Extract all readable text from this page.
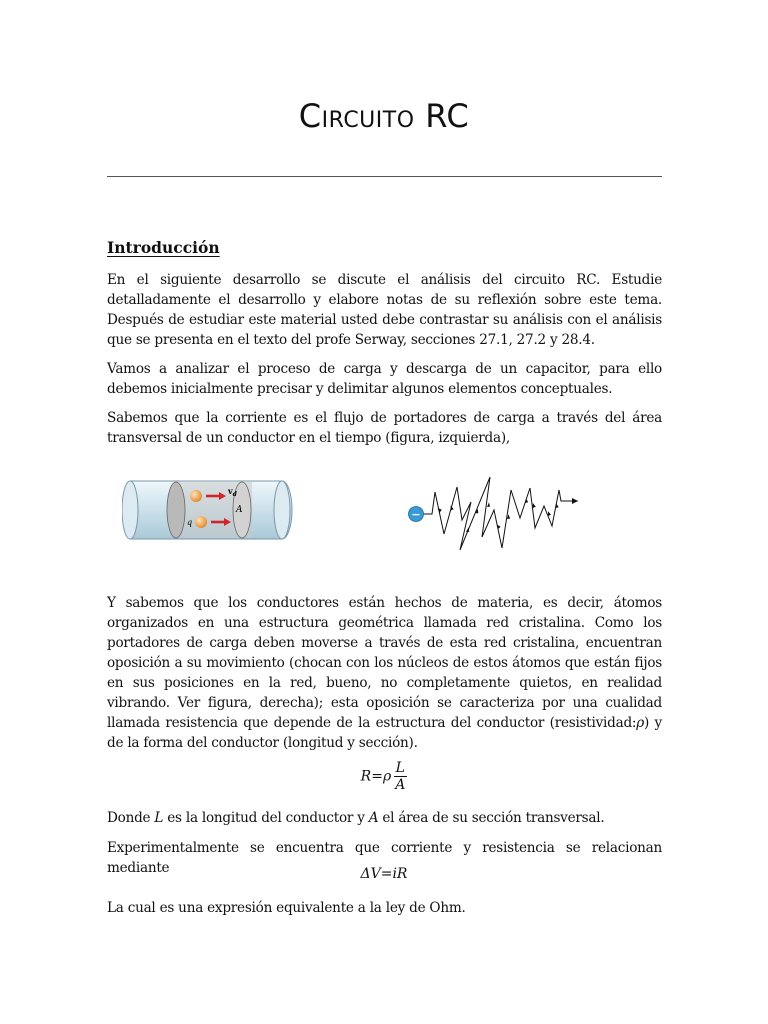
Circuito RC
Introducción

En el siguiente desarrollo se discute el análisis del circuito RC. Estudie detalladamente el desarrollo y elabore notas de su reflexión sobre este tema. Después de estudiar este material usted debe contrastar su análisis con el análisis que se presenta en el texto del profe Serway, secciones 27.1, 27.2 y 28.4.

Vamos a analizar el proceso de carga y descarga de un capacitor, para ello debemos inicialmente precisar y delimitar algunos elementos conceptuales.

Sabemos que la corriente es el flujo de portadores de carga a través del área transversal de un conductor en el tiempo (figura, izquierda),

$v_d$
q
A	−

Y sabemos que los conductores están hechos de materia, es decir, átomos organizados en una estructura geométrica llamada red cristalina. Como los portadores de carga deben moverse a través de esta red cristalina, encuentran oposición a su movimiento (chocan con los núcleos de estos átomos que están fijos en sus posiciones en la red, bueno, no completamente quietos, en realidad vibrando. Ver figura, derecha); esta oposición se caracteriza por una cualidad llamada resistencia que depende de la estructura del conductor (resistividad:ρ) y de la forma del conductor (longitud y sección).

$R=\rho \frac{L}{A}$

Donde L es la longitud del conductor y A el área de su sección transversal.

Experimentalmente se encuentra que corriente y resistencia se relacionan mediante	ΔV=iR

La cual es una expresión equivalente a la ley de Ohm.
